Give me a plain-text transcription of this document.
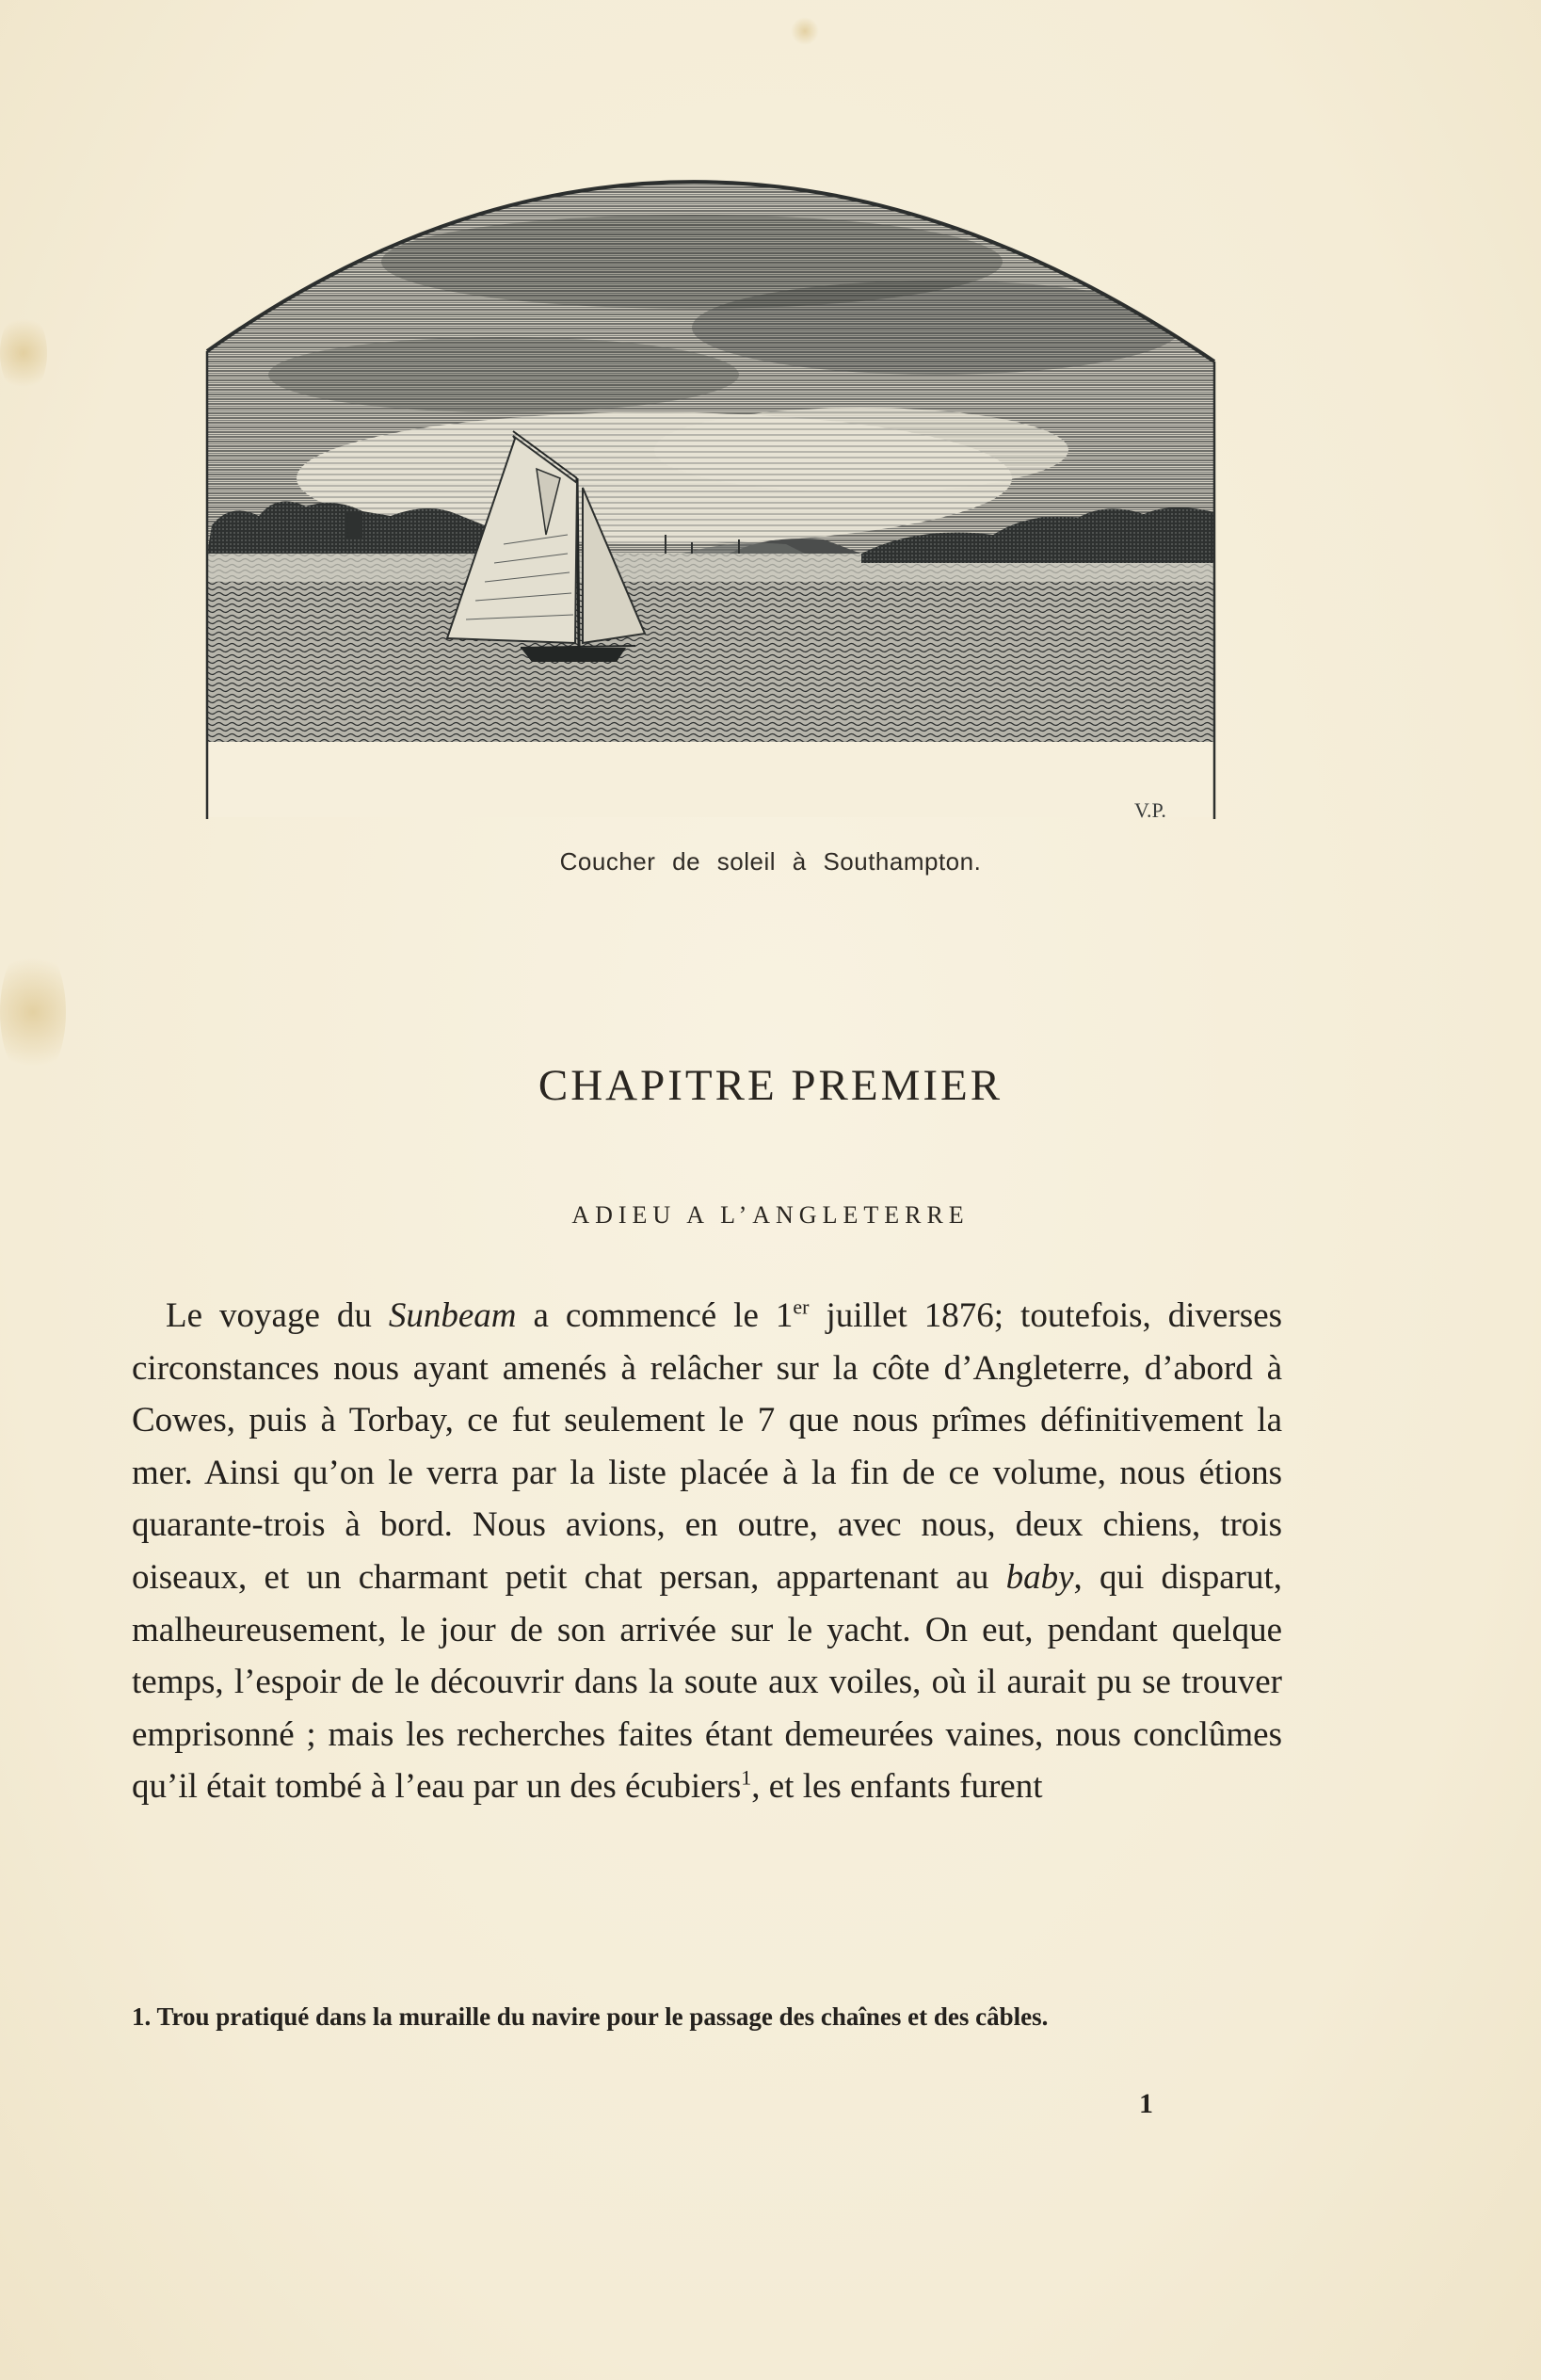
V.P.
Coucher de soleil à Southampton.
CHAPITRE PREMIER
ADIEU A L’ANGLETERRE

Le voyage du Sunbeam a commencé le 1er juillet 1876; toutefois, diverses circonstances nous ayant amenés à relâcher sur la côte d’Angleterre, d’abord à Cowes, puis à Torbay, ce fut seulement le 7 que nous prîmes définitivement la mer. Ainsi qu’on le verra par la liste placée à la fin de ce volume, nous étions quarante-trois à bord. Nous avions, en outre, avec nous, deux chiens, trois oiseaux, et un charmant petit chat persan, appartenant au baby, qui disparut, malheureusement, le jour de son arrivée sur le yacht. On eut, pendant quelque temps, l’espoir de le découvrir dans la soute aux voiles, où il aurait pu se trouver emprisonné ; mais les recherches faites étant demeurées vaines, nous conclûmes qu’il était tombé à l’eau par un des écubiers$^1$, et les enfants furent

1. Trou pratiqué dans la muraille du navire pour le passage des chaînes et des câbles.
1
